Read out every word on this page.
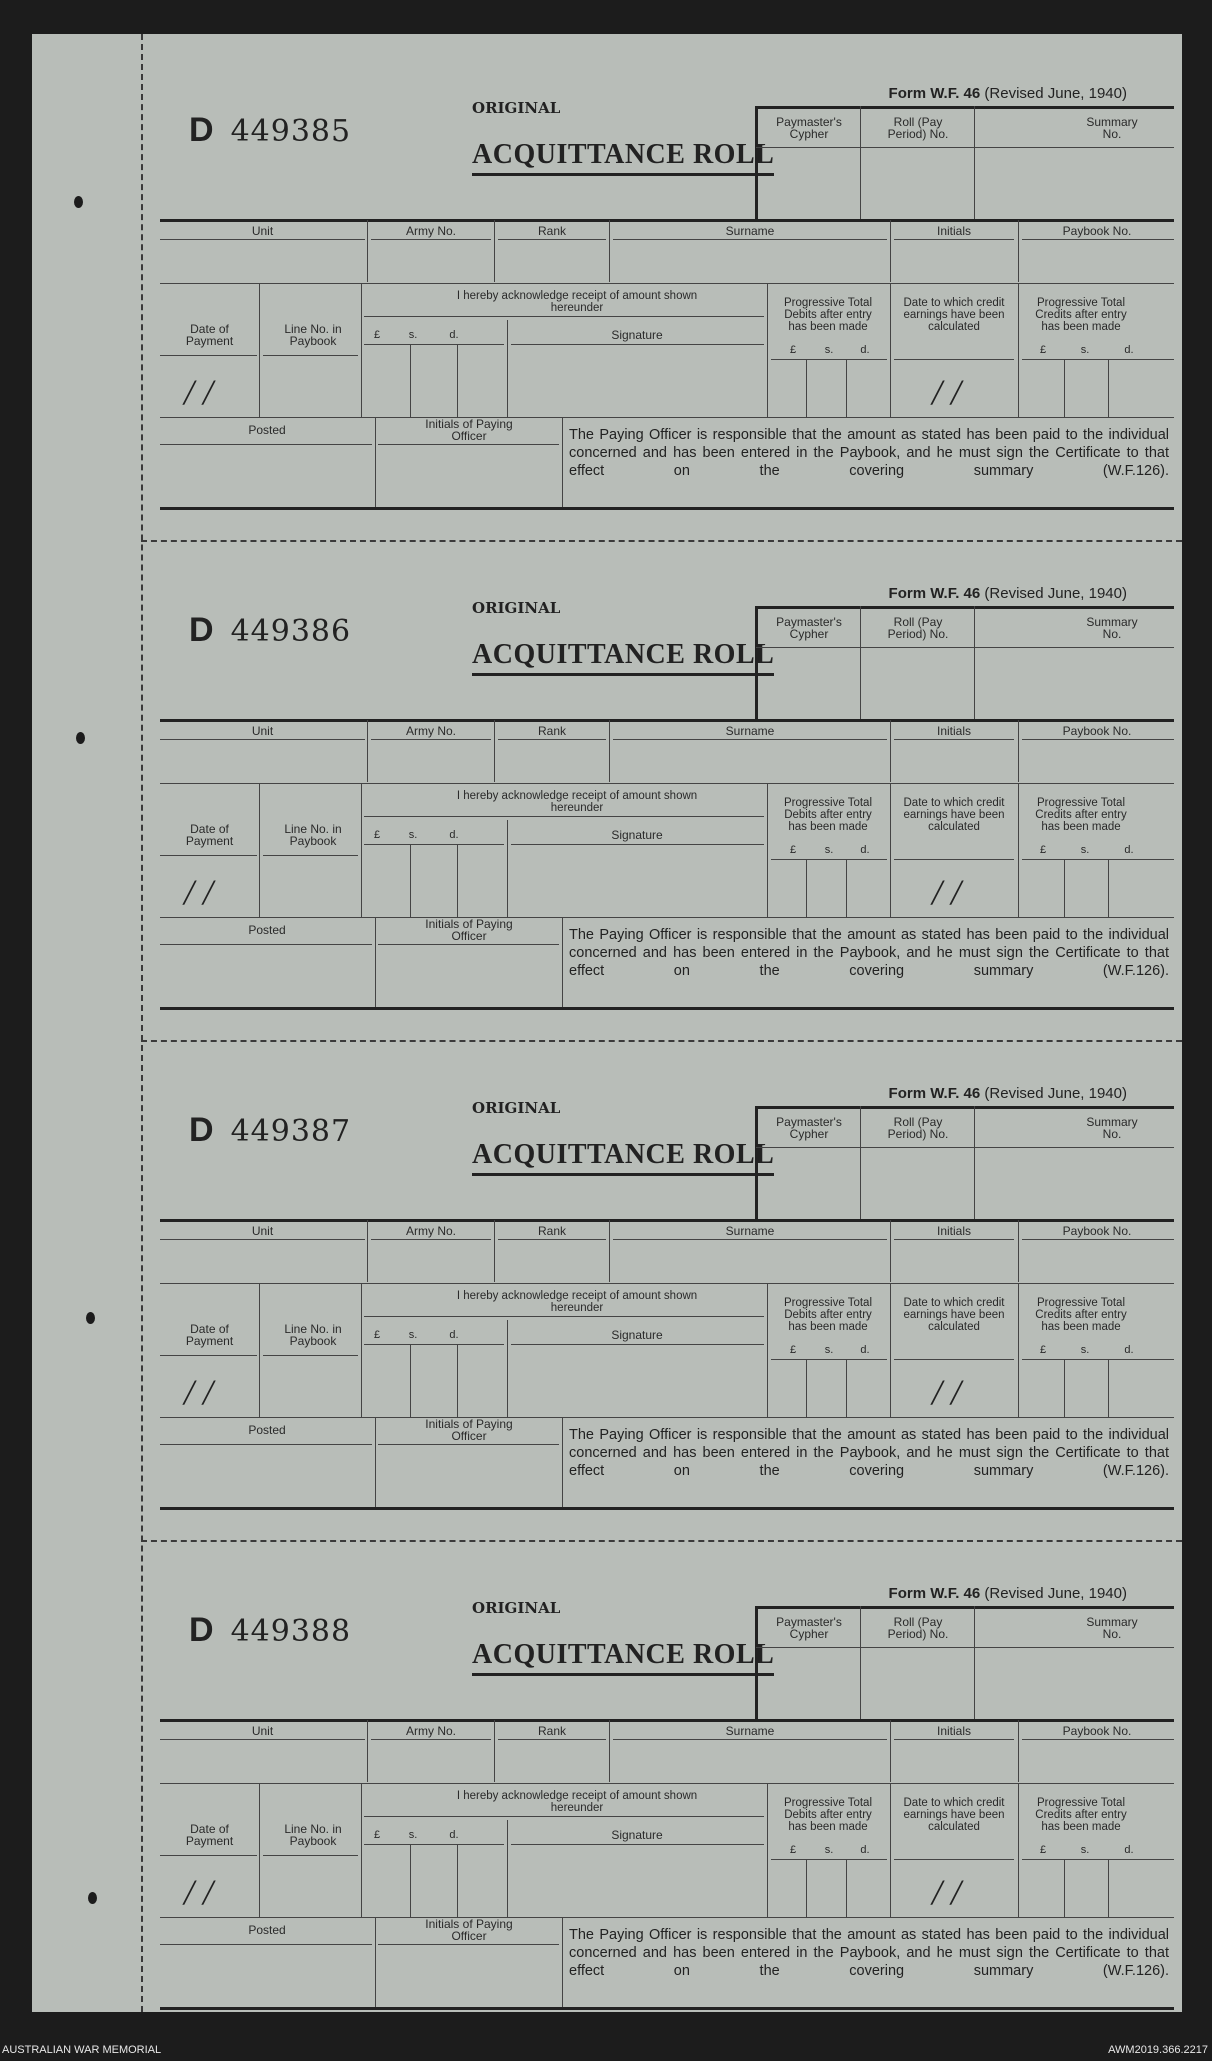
Form W.F. 46 (Revised June, 1940)
D 449385
ORIGINAL
ACQUITTANCE ROLL
Paymaster's Cypher
Roll (Pay Period) No.
Summary No.
Unit	Army No.	Rank	Surname	Initials	Paybook No.
I hereby acknowledge receipt of amount shown hereunder
£	s.	d.	Signature
Date of Payment
Line No. in Paybook
/ /
Progressive Total Debits after entry has been made
£	s. d.
Date to which credit earnings have been calculated
/ /
Progressive Total Credits after entry has been made
£	s.	d.
Posted	Initials of Paying Officer	The Paying Officer is responsible that the amount as stated has been paid to the individual concerned and has been entered in the Paybook, and he must sign the Certificate to that effect on the covering summary (W.F.126).
Form W.F. 46 (Revised June, 1940)
D 449386
ORIGINAL
ACQUITTANCE ROLL
Paymaster's Cypher
Roll (Pay Period) No.
Summary No.
Unit	Army No.	Rank	Surname	Initials	Paybook No.
I hereby acknowledge receipt of amount shown hereunder
£	s.	d.	Signature
Date of Payment
Line No. in Paybook
/ /
Progressive Total Debits after entry has been made
£	s. d.
Date to which credit earnings have been calculated
/ /
Progressive Total Credits after entry has been made
£	s.	d.
Posted	Initials of Paying Officer	The Paying Officer is responsible that the amount as stated has been paid to the individual concerned and has been entered in the Paybook, and he must sign the Certificate to that effect on the covering summary (W.F.126).
Form W.F. 46 (Revised June, 1940)
D 449387
ORIGINAL
ACQUITTANCE ROLL
Paymaster's Cypher
Roll (Pay Period) No.
Summary No.
Unit	Army No.	Rank	Surname	Initials	Paybook No.
I hereby acknowledge receipt of amount shown hereunder
£	s.	d.	Signature
Date of Payment
Line No. in Paybook
/ /
Progressive Total Debits after entry has been made
£	s. d.
Date to which credit earnings have been calculated
/ /
Progressive Total Credits after entry has been made
£	s.	d.
Posted	Initials of Paying Officer	The Paying Officer is responsible that the amount as stated has been paid to the individual concerned and has been entered in the Paybook, and he must sign the Certificate to that effect on the covering summary (W.F.126).
Form W.F. 46 (Revised June, 1940)
D 449388
ORIGINAL
ACQUITTANCE ROLL
Paymaster's Cypher
Roll (Pay Period) No.
Summary No.
Unit	Army No.	Rank	Surname	Initials	Paybook No.
I hereby acknowledge receipt of amount shown hereunder
£	s.	d.	Signature
Date of Payment
Line No. in Paybook
/ /
Progressive Total Debits after entry has been made
£	s. d.
Date to which credit earnings have been calculated
/ /
Progressive Total Credits after entry has been made
£	s.	d.
Posted	Initials of Paying Officer	The Paying Officer is responsible that the amount as stated has been paid to the individual concerned and has been entered in the Paybook, and he must sign the Certificate to that effect on the covering summary (W.F.126).
AUSTRALIAN WAR MEMORIAL	AWM2019.366.2217
